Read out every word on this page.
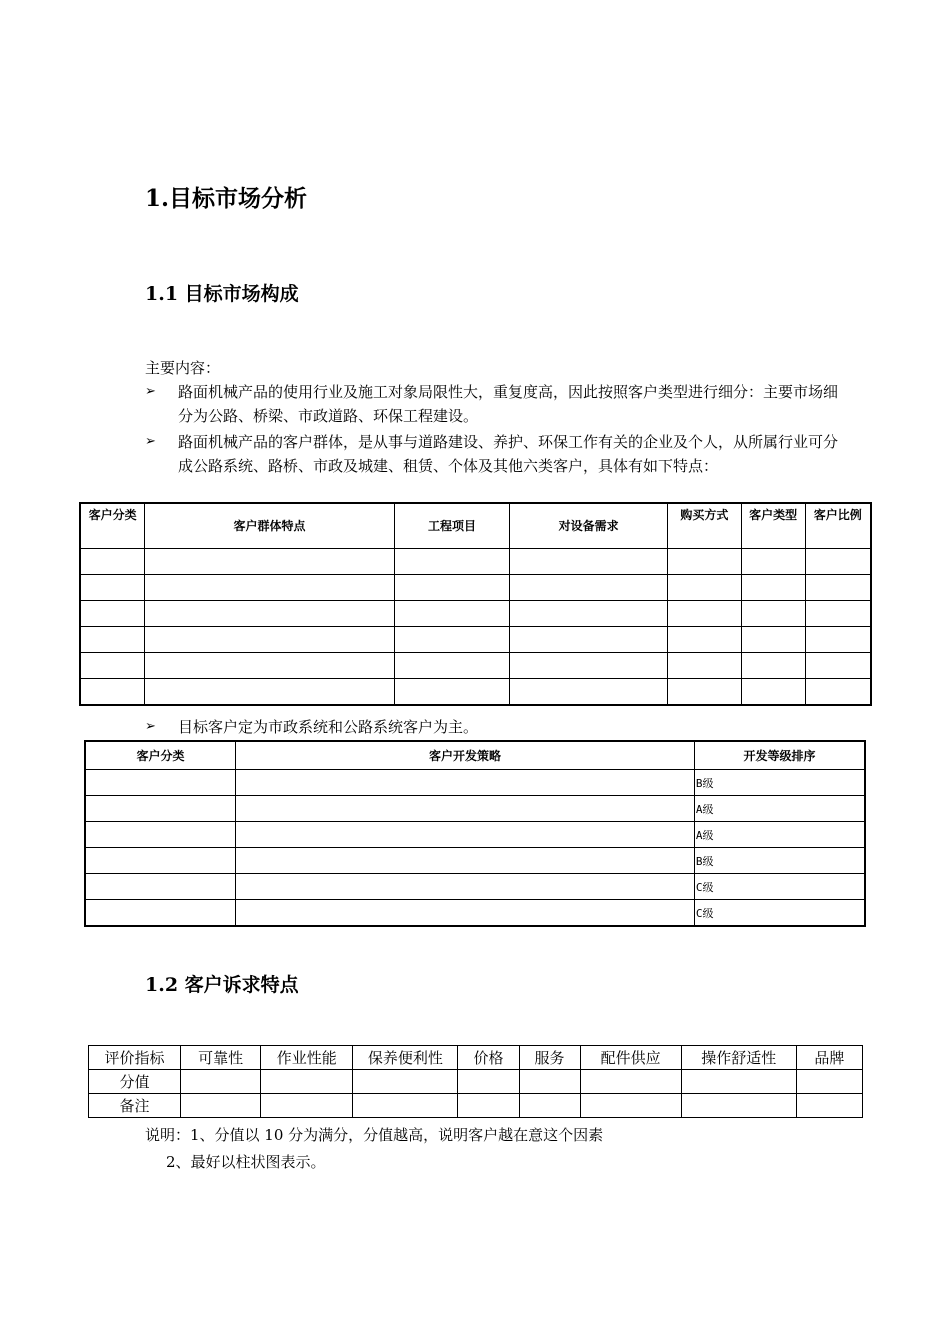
1.目标市场分析
1.1 目标市场构成
主要内容：
➢ 路面机械产品的使用行业及施工对象局限性大，重复度高，因此按照客户类型进行细分：主要市场细分为公路、桥梁、市政道路、环保工程建设。
➢ 路面机械产品的客户群体，是从事与道路建设、养护、环保工作有关的企业及个人，从所属行业可分成公路系统、路桥、市政及城建、租赁、个体及其他六类客户，具体有如下特点：
客户分类	客户群体特点	工程项目	对设备需求	购买方式	客户类型	客户比例

➢ 目标客户定为市政系统和公路系统客户为主。
客户分类	客户开发策略	开发等级排序
		B级
		A级
		A级
		B级
		C级
		C级
1.2 客户诉求特点
评价指标	可靠性	作业性能	保养便利性	价格	服务	配件供应	操作舒适性	品牌
分值								
备注								
说明：1、分值以 10 分为满分，分值越高，说明客户越在意这个因素
2、最好以柱状图表示。
